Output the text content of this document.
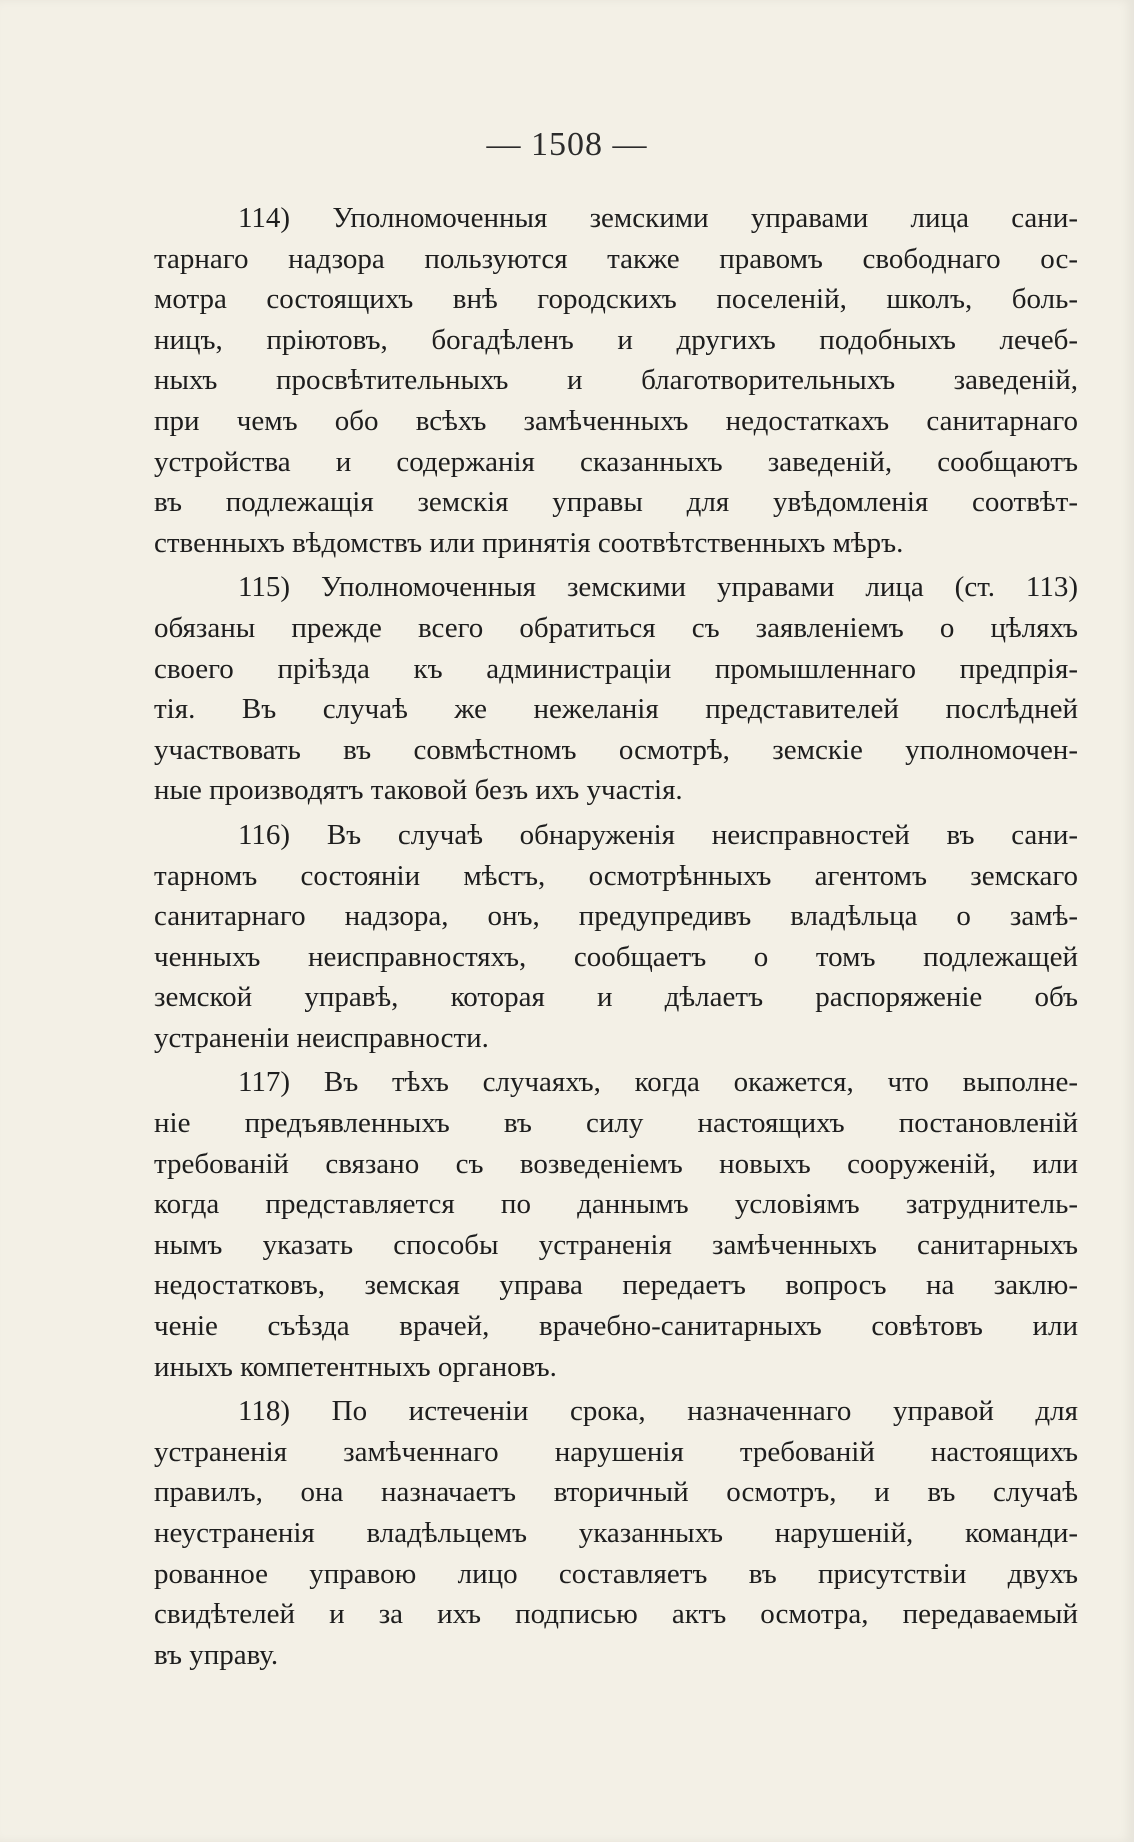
— 1508 —
114) Уполномоченныя земскими управами лица сани-
тарнаго надзора пользуются также правомъ свободнаго ос-
мотра состоящихъ внѣ городскихъ поселеній, школъ, боль-
ницъ, пріютовъ, богадѣленъ и другихъ подобныхъ лечеб-
ныхъ просвѣтительныхъ и благотворительныхъ заведеній,
при чемъ обо всѣхъ замѣченныхъ недостаткахъ санитарнаго
устройства и содержанія сказанныхъ заведеній, сообщаютъ
въ подлежащія земскія управы для увѣдомленія соотвѣт-
ственныхъ вѣдомствъ или принятія соотвѣтственныхъ мѣръ.
115) Уполномоченныя земскими управами лица (ст. 113)
обязаны прежде всего обратиться съ заявленіемъ о цѣляхъ
своего пріѣзда къ администраціи промышленнаго предпрія-
тія. Въ случаѣ же нежеланія представителей послѣдней
участвовать въ совмѣстномъ осмотрѣ, земскіе уполномочен-
ные производятъ таковой безъ ихъ участія.
116) Въ случаѣ обнаруженія неисправностей въ сани-
тарномъ состояніи мѣстъ, осмотрѣнныхъ агентомъ земскаго
санитарнаго надзора, онъ, предупредивъ владѣльца о замѣ-
ченныхъ неисправностяхъ, сообщаетъ о томъ подлежащей
земской управѣ, которая и дѣлаетъ распоряженіе объ
устраненіи неисправности.
117) Въ тѣхъ случаяхъ, когда окажется, что выполне-
ніе предъявленныхъ въ силу настоящихъ постановленій
требованій связано съ возведеніемъ новыхъ сооруженій, или
когда представляется по даннымъ условіямъ затруднитель-
нымъ указать способы устраненія замѣченныхъ санитарныхъ
недостатковъ, земская управа передаетъ вопросъ на заклю-
ченіе съѣзда врачей, врачебно-санитарныхъ совѣтовъ или
иныхъ компетентныхъ органовъ.
118) По истеченіи срока, назначеннаго управой для
устраненія замѣченнаго нарушенія требованій настоящихъ
правилъ, она назначаетъ вторичный осмотръ, и въ случаѣ
неустраненія владѣльцемъ указанныхъ нарушеній, команди-
рованное управою лицо составляетъ въ присутствіи двухъ
свидѣтелей и за ихъ подписью актъ осмотра, передаваемый
въ управу.
